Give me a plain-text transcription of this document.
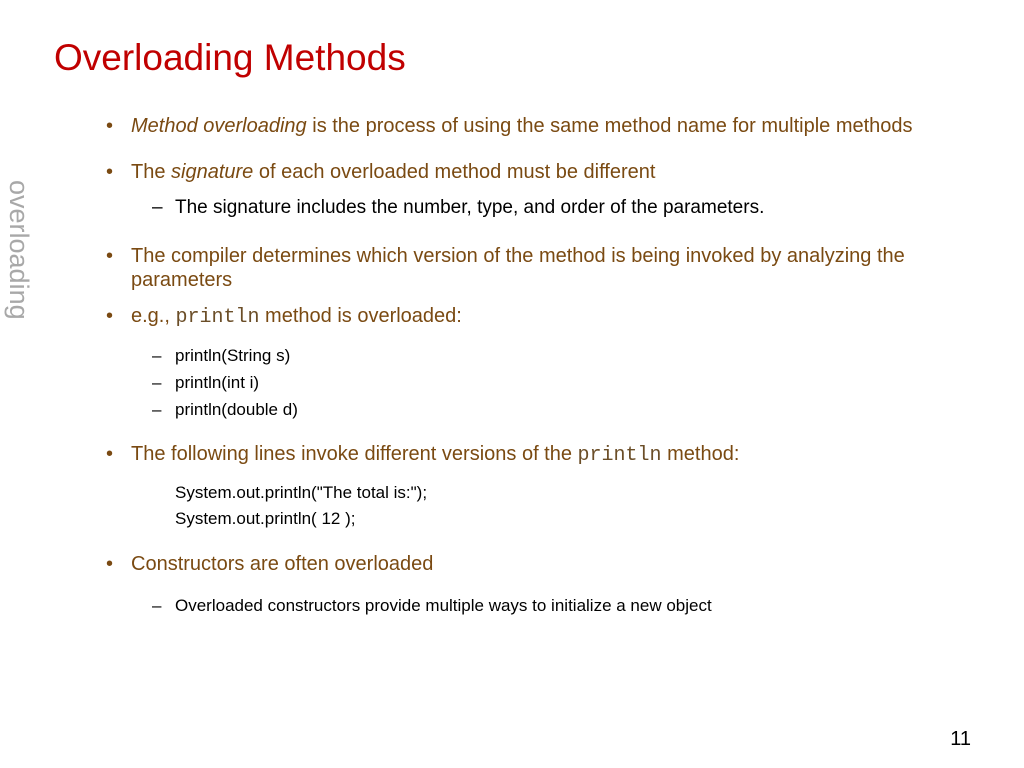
Overloading Methods
overloading
• Method overloading is the process of using the same method name for multiple methods
• The signature of each overloaded method must be different
– The signature includes the number, type, and order of the parameters.
• The compiler determines which version of the method is being invoked by analyzing the parameters
• e.g., println method is overloaded:
– println(String s)
– println(int i)
– println(double d)
• The following lines invoke different versions of the println method:
System.out.println("The total is:");
System.out.println( 12 );
• Constructors are often overloaded
– Overloaded constructors provide multiple ways to initialize a new object
11
